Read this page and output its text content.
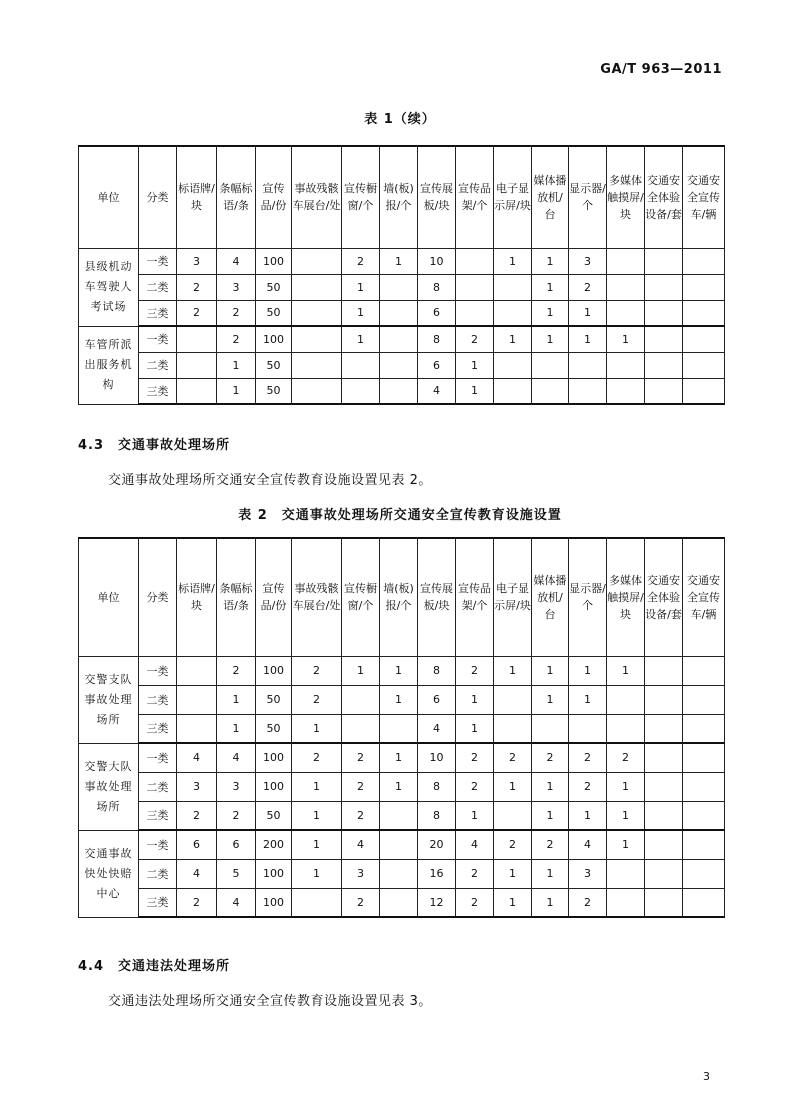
GA/T 963—2011
表 1（续）
单位	分类	标语牌/块	条幅标语/条	宣传品/份	事故残骸车展台/处	宣传橱窗/个	墙(板)报/个	宣传展板/块	宣传品架/个	电子显示屏/块	媒体播放机/台	显示器/个	多媒体触摸屏/块	交通安全体验设备/套	交通安全宣传车/辆
县级机动车驾驶人考试场	一类	3	4	100		2	1	10		1	1	3			
	二类	2	3	50		1		8			1	2			
	三类	2	2	50		1		6			1	1			
车管所派出服务机构	一类		2	100		1		8	2	1	1	1	1		
	二类		1	50				6	1						
	三类		1	50				4	1						
4.3　交通事故处理场所
交通事故处理场所交通安全宣传教育设施设置见表 2。
表 2　交通事故处理场所交通安全宣传教育设施设置
单位	分类	标语牌/块	条幅标语/条	宣传品/份	事故残骸车展台/处	宣传橱窗/个	墙(板)报/个	宣传展板/块	宣传品架/个	电子显示屏/块	媒体播放机/台	显示器/个	多媒体触摸屏/块	交通安全体验设备/套	交通安全宣传车/辆
交警支队事故处理场所	一类		2	100	2	1	1	8	2	1	1	1	1		
	二类		1	50	2		1	6	1		1	1			
	三类		1	50	1			4	1						
交警大队事故处理场所	一类	4	4	100	2	2	1	10	2	2	2	2	2		
	二类	3	3	100	1	2	1	8	2	1	1	2	1		
	三类	2	2	50	1	2		8	1		1	1	1		
交通事故快处快赔中心	一类	6	6	200	1	4		20	4	2	2	4	1		
	二类	4	5	100	1	3		16	2	1	1	3			
	三类	2	4	100		2		12	2	1	1	2			
4.4　交通违法处理场所
交通违法处理场所交通安全宣传教育设施设置见表 3。
3
